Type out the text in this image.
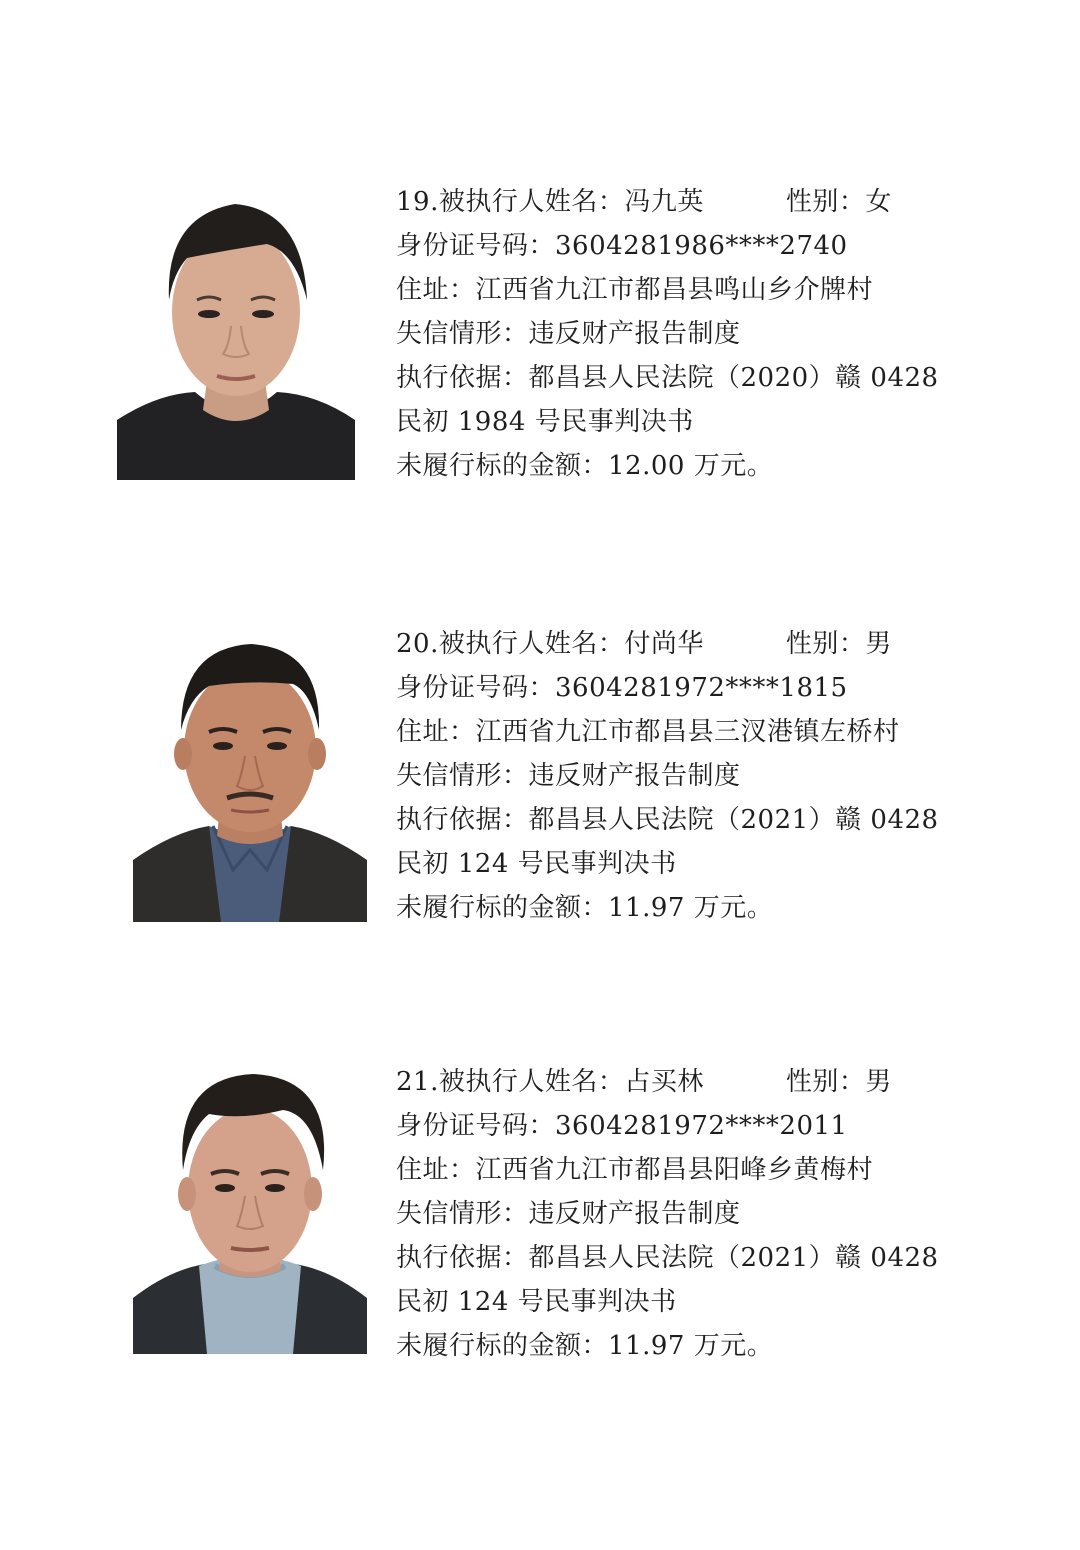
19.被执行人姓名：冯九英	性别：女
身份证号码：3604281986****2740
住址：江西省九江市都昌县鸣山乡介牌村
失信情形：违反财产报告制度
执行依据：都昌县人民法院（2020）赣 0428
民初 1984 号民事判决书
未履行标的金额：12.00 万元。
20.被执行人姓名：付尚华	性别：男
身份证号码：3604281972****1815
住址：江西省九江市都昌县三汊港镇左桥村
失信情形：违反财产报告制度
执行依据：都昌县人民法院（2021）赣 0428
民初 124 号民事判决书
未履行标的金额：11.97 万元。
21.被执行人姓名：占买林	性别：男
身份证号码：3604281972****2011
住址：江西省九江市都昌县阳峰乡黄梅村
失信情形：违反财产报告制度
执行依据：都昌县人民法院（2021）赣 0428
民初 124 号民事判决书
未履行标的金额：11.97 万元。
